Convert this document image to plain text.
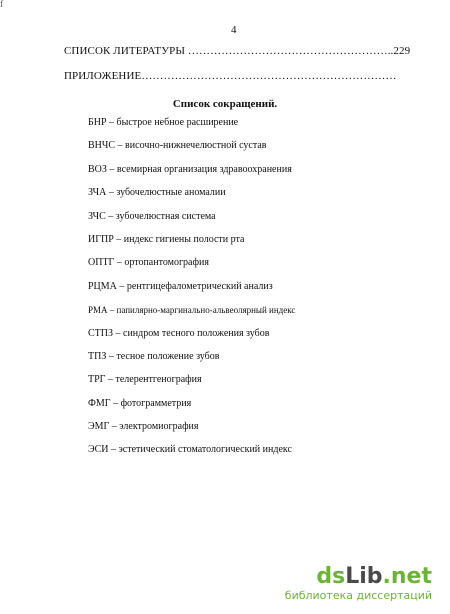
f
4
СПИСОК ЛИТЕРАТУРЫ ………………………………………………..229
ПРИЛОЖЕНИЕ……………………………………………………………
Список сокращений.
БНР – быстрое небное расширение
ВНЧС – височно-нижнечелюстной сустав
ВОЗ – всемирная организация здравоохранения
ЗЧА – зубочелюстные аномалии
ЗЧС – зубочелюстная система
ИГПР – индекс гигиены полости рта
ОПТГ – ортопантомография
РЦМА – рентгицефалометрический анализ
РМА – папилярно-маргинально-альвеолярный индекс
СТПЗ – синдром тесного положения зубов
ТПЗ – тесное положение зубов
ТРГ – телерентгенография
ФМГ – фотограмметрия
ЭМГ – электромиография
ЭСИ – эстетический стоматологический индекс
dsLib.net
библиотека диссертаций
